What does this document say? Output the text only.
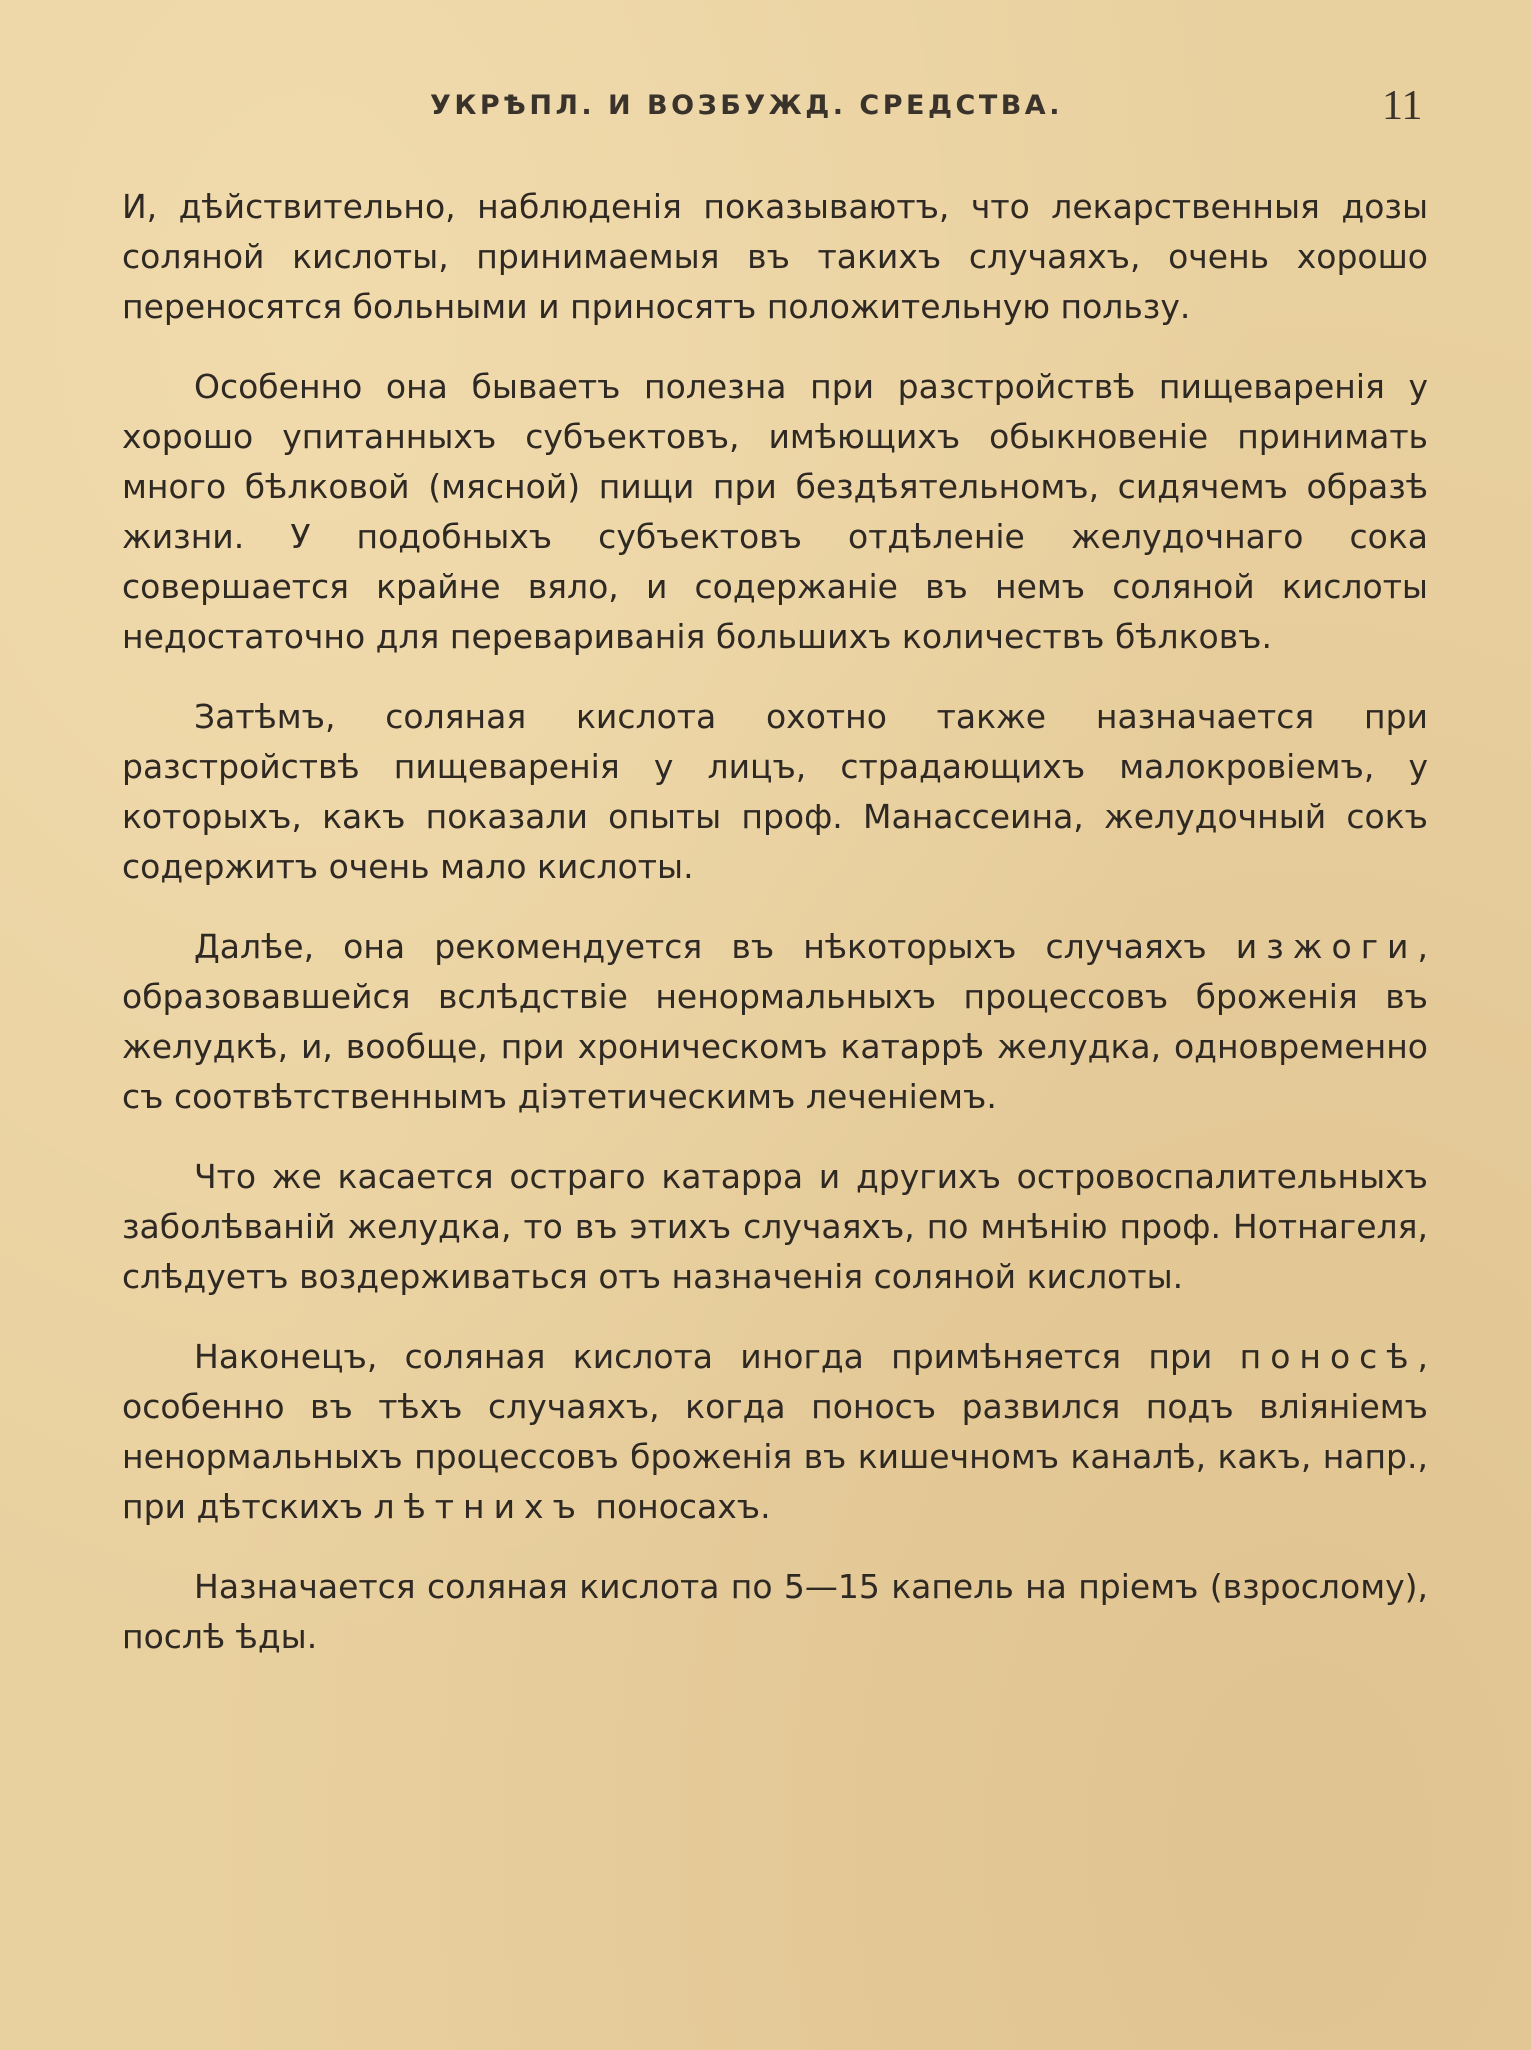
УКРѢПЛ. И ВОЗБУЖД. СРЕДСТВА.	11

И, дѣйствительно, наблюденія показываютъ, что лекарственныя дозы соляной кислоты, принимаемыя въ такихъ случаяхъ, очень хорошо переносятся больными и приносятъ положительную пользу.

Особенно она бываетъ полезна при разстройствѣ пищеваренія у хорошо упитанныхъ субъектовъ, имѣющихъ обыкновеніе принимать много бѣлковой (мясной) пищи при бездѣятельномъ, сидячемъ образѣ жизни. У подобныхъ субъектовъ отдѣленіе желудочнаго сока совершается крайне вяло, и содержаніе въ немъ соляной кислоты недостаточно для перевариванія большихъ количествъ бѣлковъ.

Затѣмъ, соляная кислота охотно также назначается при разстройствѣ пищеваренія у лицъ, страдающихъ малокровіемъ, у которыхъ, какъ показали опыты проф. Манассеина, желудочный сокъ содержитъ очень мало кислоты.

Далѣе, она рекомендуется въ нѣкоторыхъ случаяхъ изжоги, образовавшейся вслѣдствіе ненормальныхъ процессовъ броженія въ желудкѣ, и, вообще, при хроническомъ катаррѣ желудка, одновременно съ соотвѣтственнымъ діэтетическимъ леченіемъ.

Что же касается остраго катарра и другихъ островоспалительныхъ заболѣваній желудка, то въ этихъ случаяхъ, по мнѣнію проф. Нотнагеля, слѣдуетъ воздерживаться отъ назначенія соляной кислоты.

Наконецъ, соляная кислота иногда примѣняется при поносѣ, особенно въ тѣхъ случаяхъ, когда поносъ развился подъ вліяніемъ ненормальныхъ процессовъ броженія въ кишечномъ каналѣ, какъ, напр., при дѣтскихъ лѣтнихъ поносахъ.

Назначается соляная кислота по 5—15 капель на пріемъ (взрослому), послѣ ѣды.
